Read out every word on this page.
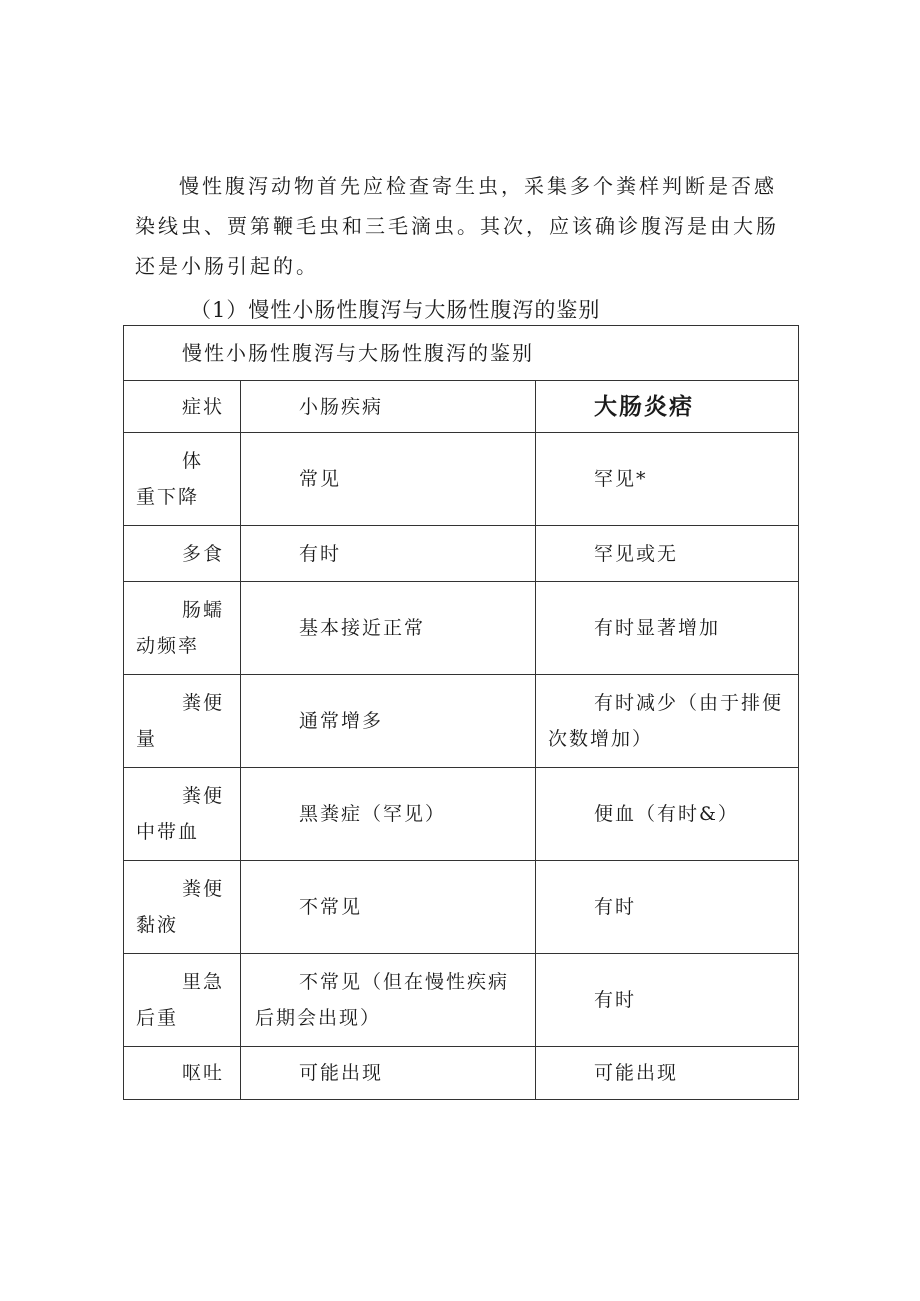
慢性腹泻动物首先应检查寄生虫，采集多个粪样判断是否感染线虫、贾第鞭毛虫和三毛滴虫。其次，应该确诊腹泻是由大肠还是小肠引起的。

（1）慢性小肠性腹泻与大肠性腹泻的鉴别

慢性小肠性腹泻与大肠性腹泻的鉴别		
症状	小肠疾病	大肠炎痞
体　重下降	常见	罕见*
多食	有时	罕见或无
肠蠕动频率	基本接近正常	有时显著增加
粪便量	通常增多	有时减少（由于排便次数增加）
粪便中带血	黑粪症（罕见）	便血（有时&）
粪便黏液	不常见	有时
里急后重	不常见（但在慢性疾病后期会出现）	有时
呕吐	可能出现	可能出现
